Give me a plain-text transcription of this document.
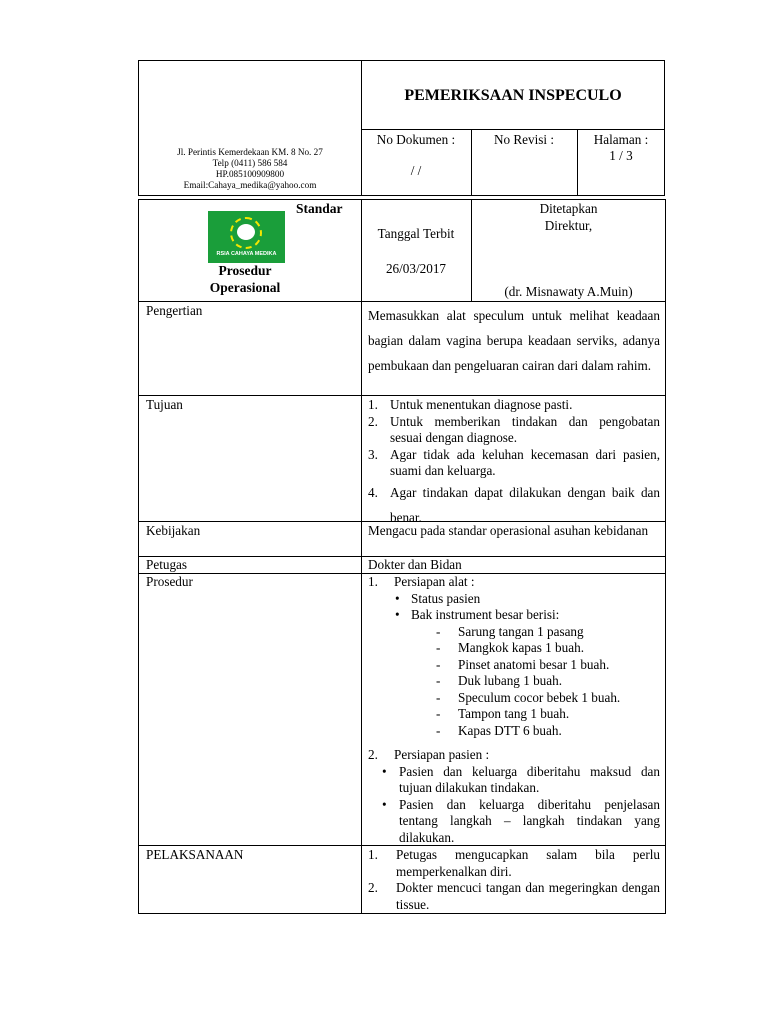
Jl. Perintis Kemerdekaan KM. 8 No. 27
Telp (0411) 586 584
HP.085100909800
Email:Cahaya_medika@yahoo.com
PEMERIKSAAN INSPECULO
No Dokumen :
/ /
No Revisi :	Halaman :
1 / 3
Standar
RSIA CAHAYA MEDIKA
Prosedur
Operasional
Tanggal Terbit
26/03/2017
Ditetapkan
Direktur,
(dr. Misnawaty A.Muin)
Pengertian
Tujuan
Kebijakan
Petugas
Prosedur
PELAKSANAAN
Memasukkan alat speculum untuk melihat keadaan bagian dalam vagina berupa keadaan serviks, adanya pembukaan dan pengeluaran cairan dari dalam rahim.
1. Untuk menentukan diagnose pasti.
2. Untuk memberikan tindakan dan pengobatan sesuai dengan diagnose.
3. Agar tidak ada keluhan kecemasan dari pasien, suami dan keluarga.
4. Agar tindakan dapat dilakukan dengan baik dan benar.
Mengacu pada standar operasional asuhan kebidanan
Dokter dan Bidan
1. Persiapan alat :
• Status pasien
• Bak instrument besar berisi:
- Sarung tangan 1 pasang
- Mangkok kapas 1 buah.
- Pinset anatomi besar 1 buah.
- Duk lubang 1 buah.
- Speculum cocor bebek 1 buah.
- Tampon tang 1 buah.
- Kapas DTT 6 buah.
2. Persiapan pasien :
• Pasien dan keluarga diberitahu maksud dan tujuan dilakukan tindakan.
• Pasien dan keluarga diberitahu penjelasan tentang langkah – langkah tindakan yang dilakukan.
1. Petugas mengucapkan salam bila perlu memperkenalkan diri.
2. Dokter mencuci tangan dan megeringkan dengan tissue.
